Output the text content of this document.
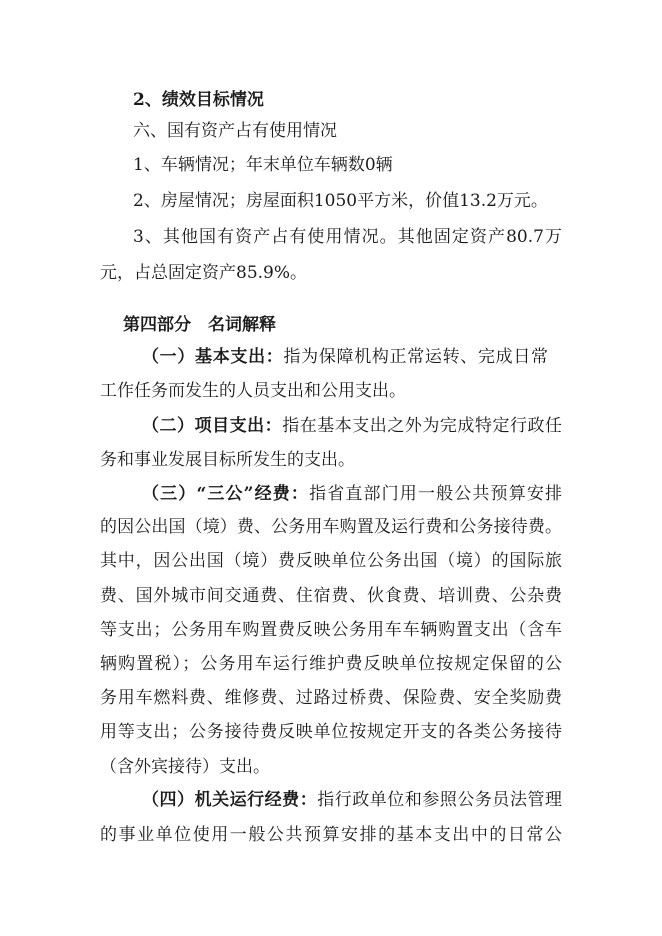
2、绩效目标情况
六、国有资产占有使用情况
1、车辆情况；年末单位车辆数0辆
2、房屋情况；房屋面积1050平方米，价值13.2万元。
3、其他国有资产占有使用情况。其他固定资产80.7万
元，占总固定资产85.9%。
第四部分　名词解释
（一）基本支出：指为保障机构正常运转、完成日常
工作任务而发生的人员支出和公用支出。
（二）项目支出：指在基本支出之外为完成特定行政任
务和事业发展目标所发生的支出。
（三）“三公”经费：指省直部门用一般公共预算安排
的因公出国（境）费、公务用车购置及运行费和公务接待费。
其中，因公出国（境）费反映单位公务出国（境）的国际旅
费、国外城市间交通费、住宿费、伙食费、培训费、公杂费
等支出；公务用车购置费反映公务用车车辆购置支出（含车
辆购置税）；公务用车运行维护费反映单位按规定保留的公
务用车燃料费、维修费、过路过桥费、保险费、安全奖励费
用等支出；公务接待费反映单位按规定开支的各类公务接待
（含外宾接待）支出。
（四）机关运行经费：指行政单位和参照公务员法管理
的事业单位使用一般公共预算安排的基本支出中的日常公
